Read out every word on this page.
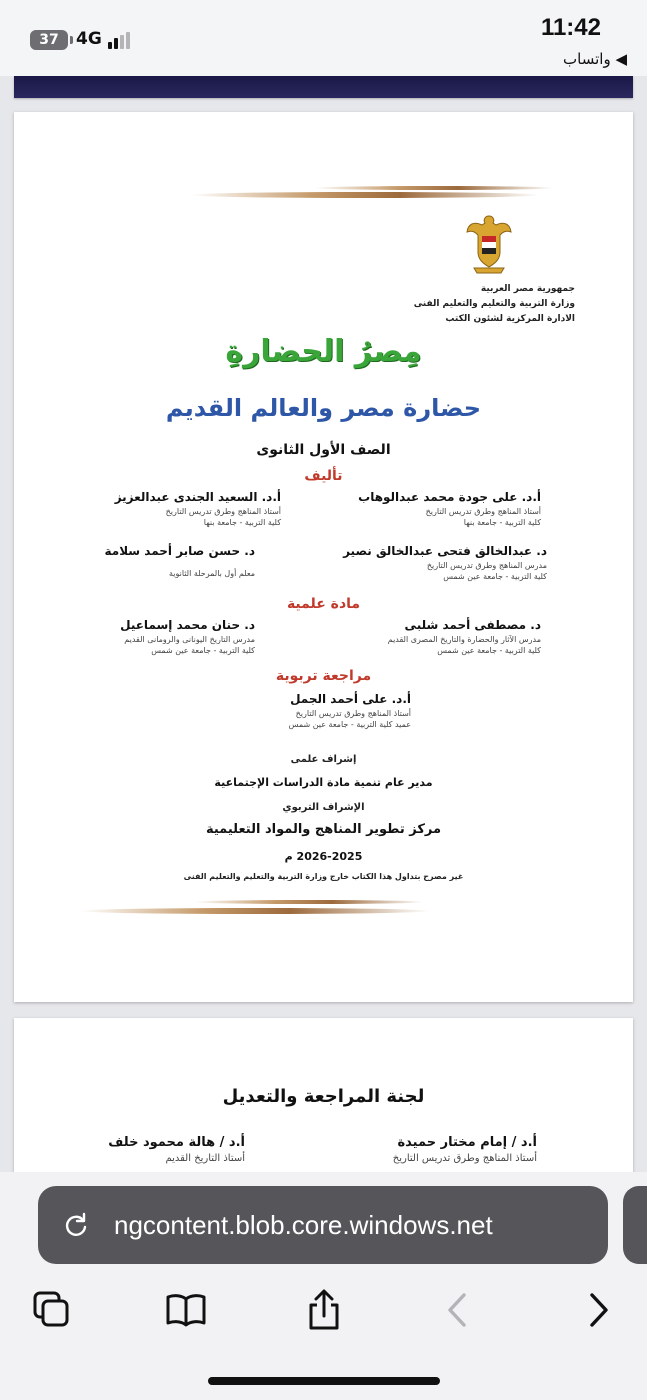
37	4G	11:42
◀ واتساب
جمهورية مصر العربية
وزارة التربية والتعليم والتعليم الفنى
الادارة المركزية لشئون الكتب
مِصرُ الحضارةِ
حضارة مصر والعالم القديم
الصف الأول الثانوى
تأليف
أ.د. على جودة محمد عبدالوهاب
أستاذ المناهج وطرق تدريس التاريخ
كلية التربية - جامعة بنها
أ.د. السعيد الجندى عبدالعزيز
أستاذ المناهج وطرق تدريس التاريخ
كلية التربية - جامعة بنها
د. عبدالخالق فتحى عبدالخالق نصير
مدرس المناهج وطرق تدريس التاريخ
كلية التربية - جامعة عين شمس
د. حسن صابر أحمد سلامة
معلم أول بالمرحلة الثانوية
مادة علمية
د. مصطفى أحمد شلبى
مدرس الآثار والحضارة والتاريخ المصرى القديم
كلية التربية - جامعة عين شمس
د. حنان محمد إسماعيل
مدرس التاريخ اليونانى والرومانى القديم
كلية التربية - جامعة عين شمس
مراجعة تربوية
أ.د. على أحمد الجمل
أستاذ المناهج وطرق تدريس التاريخ
عميد كلية التربية - جامعة عين شمس
إشراف علمى
مدير عام تنمية مادة الدراسات الإجتماعية
الإشراف التربوي
مركز تطوير المناهج والمواد التعليمية
2026-2025 م
غير مصرح بتداول هذا الكتاب خارج وزارة التربية والتعليم والتعليم الفنى
لجنة المراجعة والتعديل
أ.د / إمام مختار حميدة
أستاذ المناهج وطرق تدريس التاريخ
أ.د / هالة محمود خلف
أستاذ التاريخ القديم
ngcontent.blob.core.windows.net
